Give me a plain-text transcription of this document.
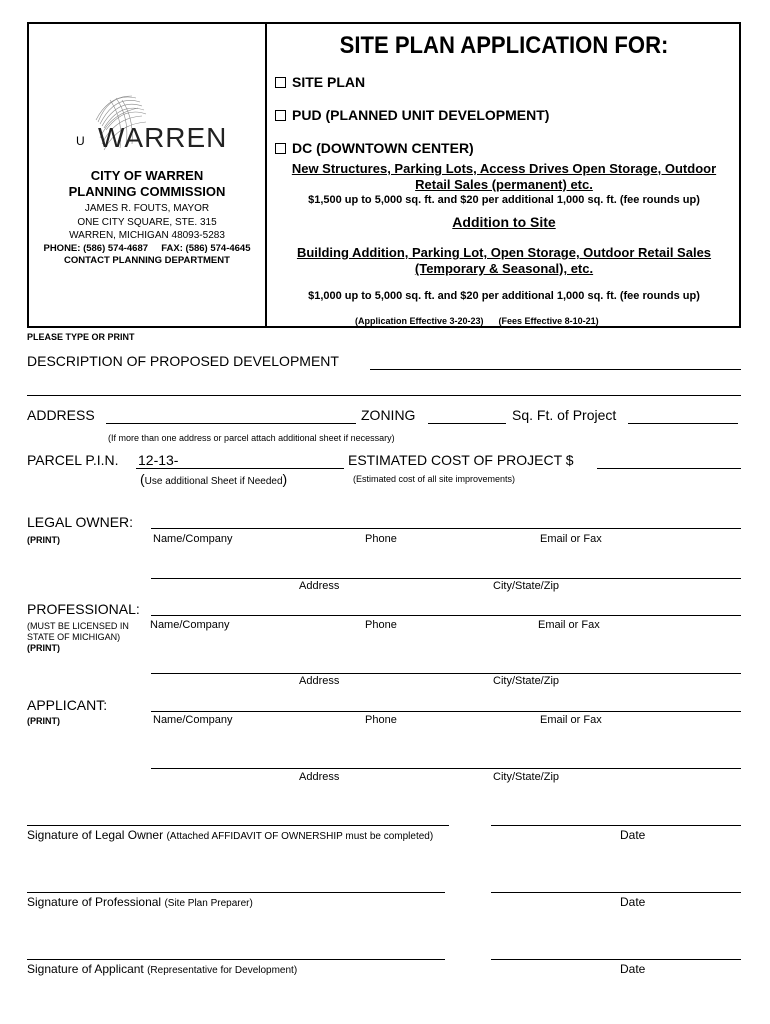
U WARREN
CITY OF WARREN
PLANNING COMMISSION
JAMES R. FOUTS, MAYOR
ONE CITY SQUARE, STE. 315
WARREN, MICHIGAN 48093-5283
PHONE: (586) 574-4687 FAX: (586) 574-4645
CONTACT PLANNING DEPARTMENT
SITE PLAN APPLICATION FOR:
SITE PLAN
PUD (PLANNED UNIT DEVELOPMENT)
DC (DOWNTOWN CENTER)
New Structures, Parking Lots, Access Drives Open Storage, Outdoor
Retail Sales (permanent) etc.
$1,500 up to 5,000 sq. ft. and $20 per additional 1,000 sq. ft. (fee rounds up)
Addition to Site
Building Addition, Parking Lot, Open Storage, Outdoor Retail Sales
(Temporary & Seasonal), etc.
$1,000 up to 5,000 sq. ft. and $20 per additional 1,000 sq. ft. (fee rounds up)
(Application Effective 3-20-23) (Fees Effective 8-10-21)
PLEASE TYPE OR PRINT
DESCRIPTION OF PROPOSED DEVELOPMENT
ADDRESS	ZONING	Sq. Ft. of Project
(If more than one address or parcel attach additional sheet if necessary)
PARCEL P.I.N. 12-13-	ESTIMATED COST OF PROJECT $
(Use additional Sheet if Needed)	(Estimated cost of all site improvements)
LEGAL OWNER:
(PRINT)	Name/Company	Phone	Email or Fax
Address	City/State/Zip
PROFESSIONAL:
(MUST BE LICENSED IN
STATE OF MICHIGAN)
(PRINT)
Name/Company	Phone	Email or Fax
Address	City/State/Zip
APPLICANT:
(PRINT)	Name/Company	Phone	Email or Fax
Address	City/State/Zip
Signature of Legal Owner (Attached AFFIDAVIT OF OWNERSHIP must be completed)	Date
Signature of Professional (Site Plan Preparer)	Date
Signature of Applicant (Representative for Development)	Date
